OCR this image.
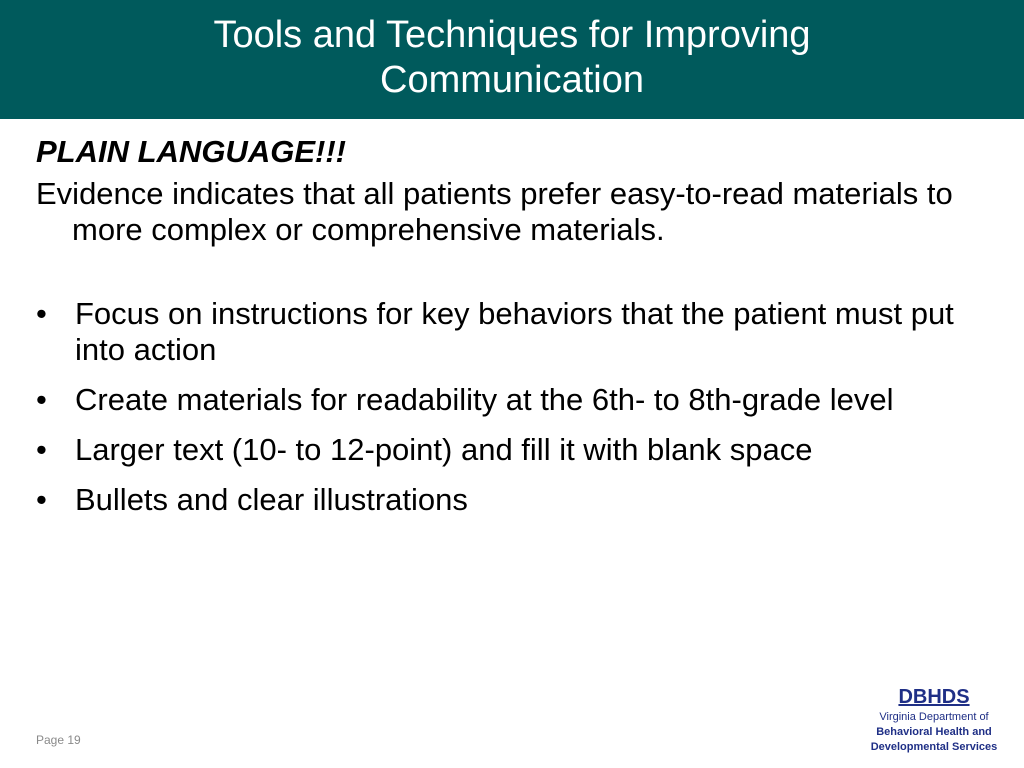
Tools and Techniques for Improving
Communication

PLAIN LANGUAGE!!!

Evidence indicates that all patients prefer easy-to-read materials to more complex or comprehensive materials.

• Focus on instructions for key behaviors that the patient must put into action
• Create materials for readability at the 6th- to 8th-grade level
• Larger text (10- to 12-point) and fill it with blank space
• Bullets and clear illustrations
Page 19
DBHDS
Virginia Department of
Behavioral Health and
Developmental Services
